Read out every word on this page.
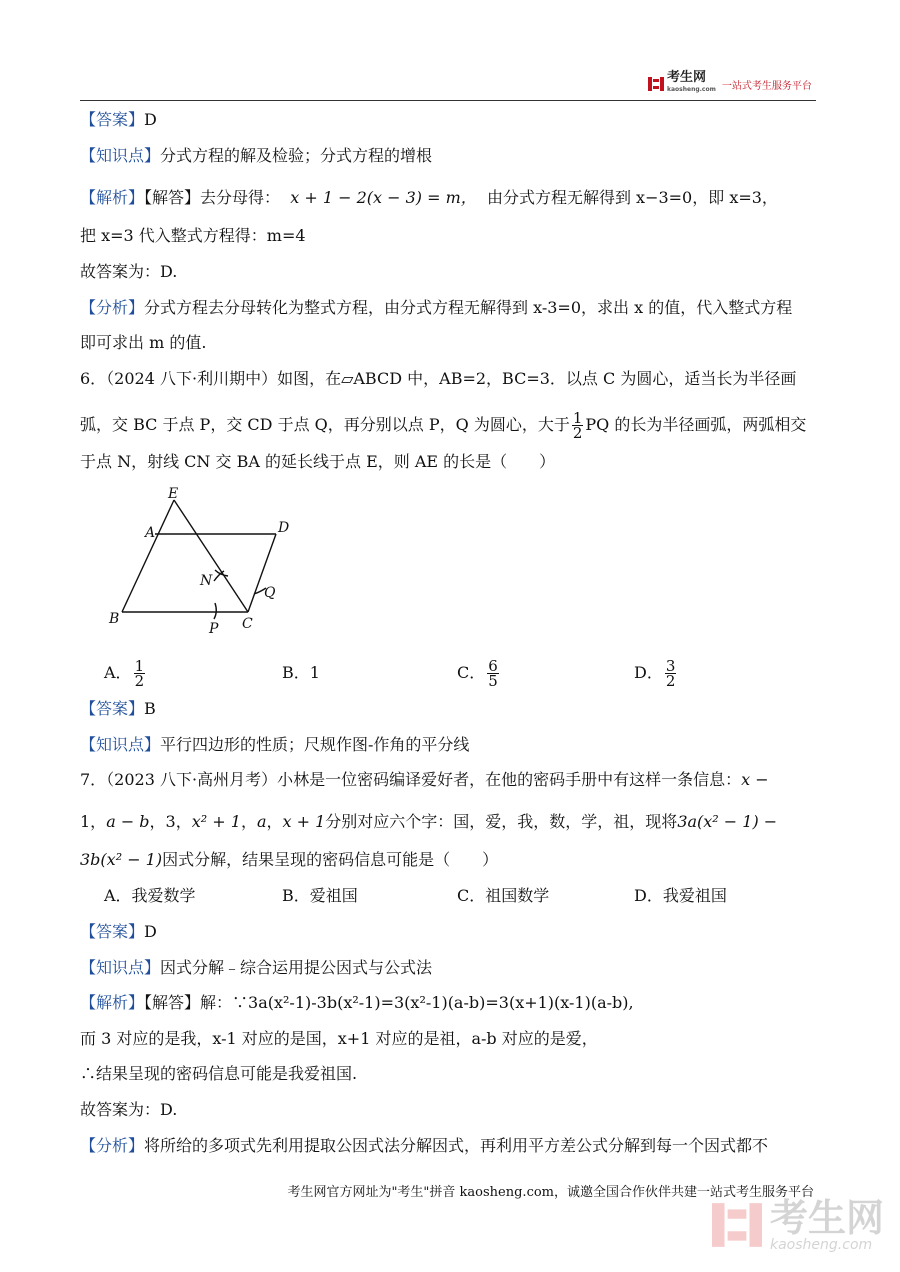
考生网
kaosheng.com 一站式考生服务平台
【答案】D
【知识点】分式方程的解及检验；分式方程的增根
【解析】【解答】去分母得： x + 1 − 2(x − 3) = m， 由分式方程无解得到 x−3=0，即 x=3，
把 x=3 代入整式方程得：m=4
故答案为：D.
【分析】分式方程去分母转化为整式方程，由分式方程无解得到 x-3=0，求出 x 的值，代入整式方程
即可求出 m 的值.
6．（2024 八下·利川期中）如图，在▱ABCD 中，AB=2，BC=3．以点 C 为圆心，适当长为半径画
弧，交 BC 于点 P，交 CD 于点 Q，再分别以点 P，Q 为圆心，大于 $\frac{1}{2}$ PQ 的长为半径画弧，两弧相交
于点 N，射线 CN 交 BA 的延长线于点 E，则 AE 的长是（　　）
E
A	D
N
Q
B
P C
A． $\frac{1}{2}$	B．1	C． $\frac{6}{5}$	D． $\frac{3}{2}$
【答案】B
【知识点】平行四边形的性质；尺规作图-作角的平分线
7．（2023 八下·高州月考）小林是一位密码编译爱好者，在他的密码手册中有这样一条信息：x −
1，a − b，3，x² + 1，a，x + 1分别对应六个字：国，爱，我，数，学，祖，现将3a(x² − 1) −
3b(x² − 1)因式分解，结果呈现的密码信息可能是（　　）
A．我爱数学	B．爱祖国	C．祖国数学	D．我爱祖国
【答案】D
【知识点】因式分解﹣综合运用提公因式与公式法
【解析】【解答】解：∵3a(x²-1)-3b(x²-1)=3(x²-1)(a-b)=3(x+1)(x-1)(a-b),
而 3 对应的是我，x-1 对应的是国，x+1 对应的是祖，a-b 对应的是爱，
∴结果呈现的密码信息可能是我爱祖国.
故答案为：D.
【分析】将所给的多项式先利用提取公因式法分解因式，再利用平方差公式分解到每一个因式都不
考生网官方网址为"考生"拼音 kaosheng.com，诚邀全国合作伙伴共建一站式考生服务平台
考生网
kaosheng.com
